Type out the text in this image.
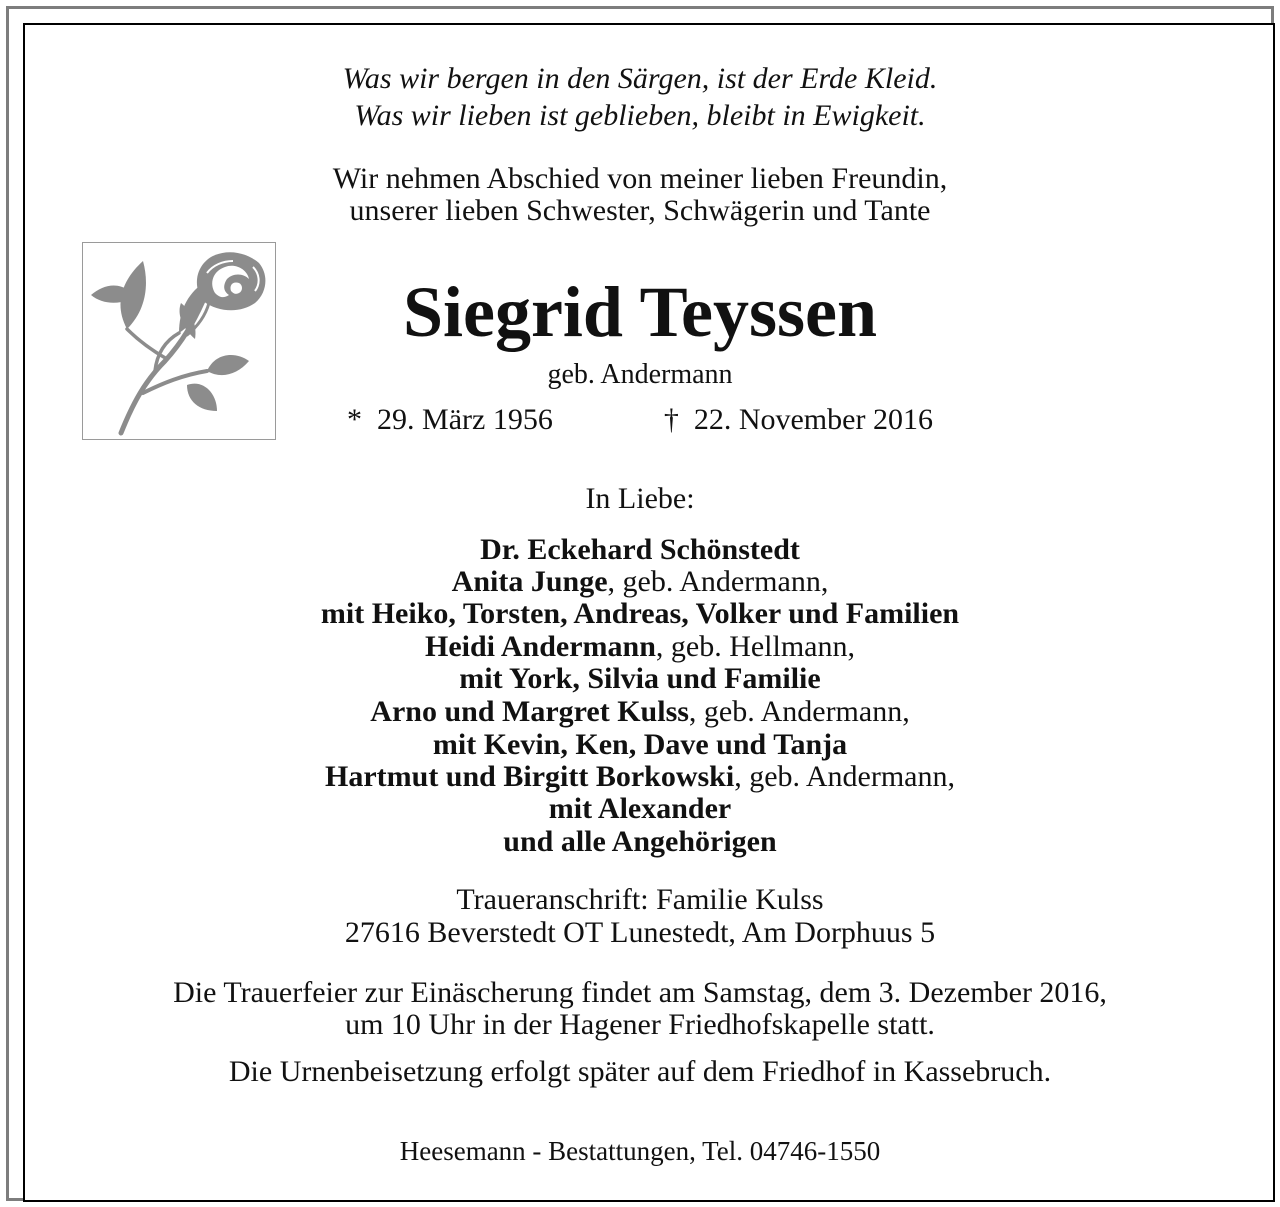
Was wir bergen in den Särgen, ist der Erde Kleid.
Was wir lieben ist geblieben, bleibt in Ewigkeit.
Wir nehmen Abschied von meiner lieben Freundin,
unserer lieben Schwester, Schwägerin und Tante
Siegrid Teyssen
geb. Andermann
* 29. März 1956	† 22. November 2016
In Liebe:
Dr. Eckehard Schönstedt
Anita Junge, geb. Andermann,
mit Heiko, Torsten, Andreas, Volker und Familien
Heidi Andermann, geb. Hellmann,
mit York, Silvia und Familie
Arno und Margret Kulss, geb. Andermann,
mit Kevin, Ken, Dave und Tanja
Hartmut und Birgitt Borkowski, geb. Andermann,
mit Alexander
und alle Angehörigen
Traueranschrift: Familie Kulss
27616 Beverstedt OT Lunestedt, Am Dorphuus 5
Die Trauerfeier zur Einäscherung findet am Samstag, dem 3. Dezember 2016,
um 10 Uhr in der Hagener Friedhofskapelle statt.
Die Urnenbeisetzung erfolgt später auf dem Friedhof in Kassebruch.
Heesemann - Bestattungen, Tel. 04746-1550
